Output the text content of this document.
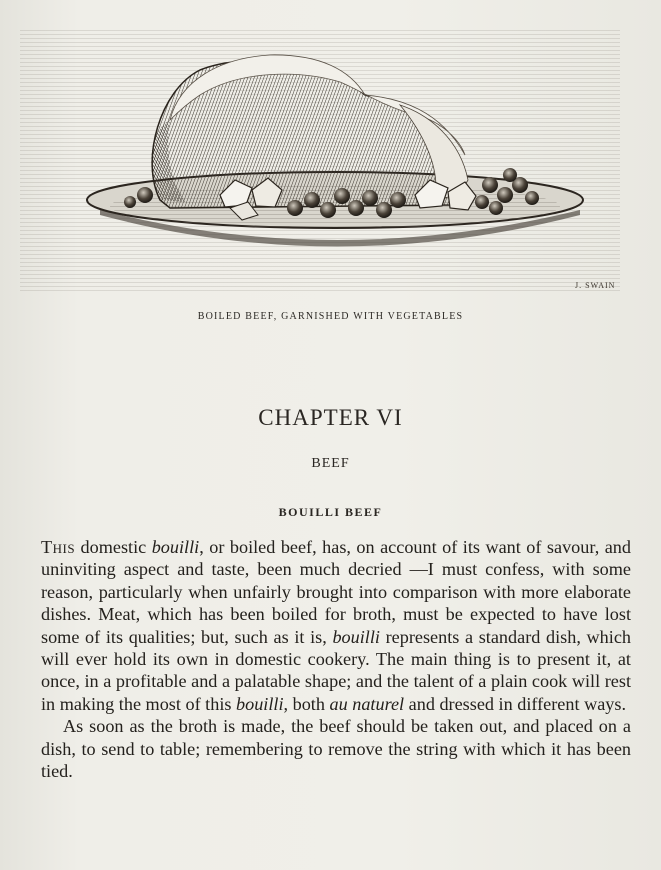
J. SWAIN
BOILED BEEF, GARNISHED WITH VEGETABLES
CHAPTER VI
BEEF
BOUILLI BEEF

This domestic bouilli, or boiled beef, has, on account of its want of savour, and uninviting aspect and taste, been much decried —I must confess, with some reason, particularly when unfairly brought into comparison with more elaborate dishes. Meat, which has been boiled for broth, must be expected to have lost some of its qualities; but, such as it is, bouilli represents a standard dish, which will ever hold its own in domestic cookery. The main thing is to present it, at once, in a profitable and a palatable shape; and the talent of a plain cook will rest in making the most of this bouilli, both au naturel and dressed in different ways.

As soon as the broth is made, the beef should be taken out, and placed on a dish, to send to table; remembering to remove the string with which it has been tied.
